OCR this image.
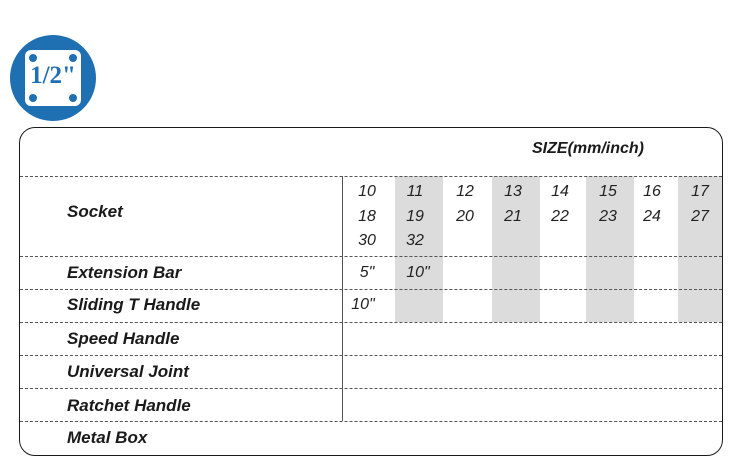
1/2"
SIZE(mm/inch)
Socket
Extension Bar
Sliding T Handle
Speed Handle
Universal Joint
Ratchet Handle
Metal Box
10
18
30
11
19
32
12
20
13
21
14
22
15
23
16
24
17
27
5"	10"
10"
